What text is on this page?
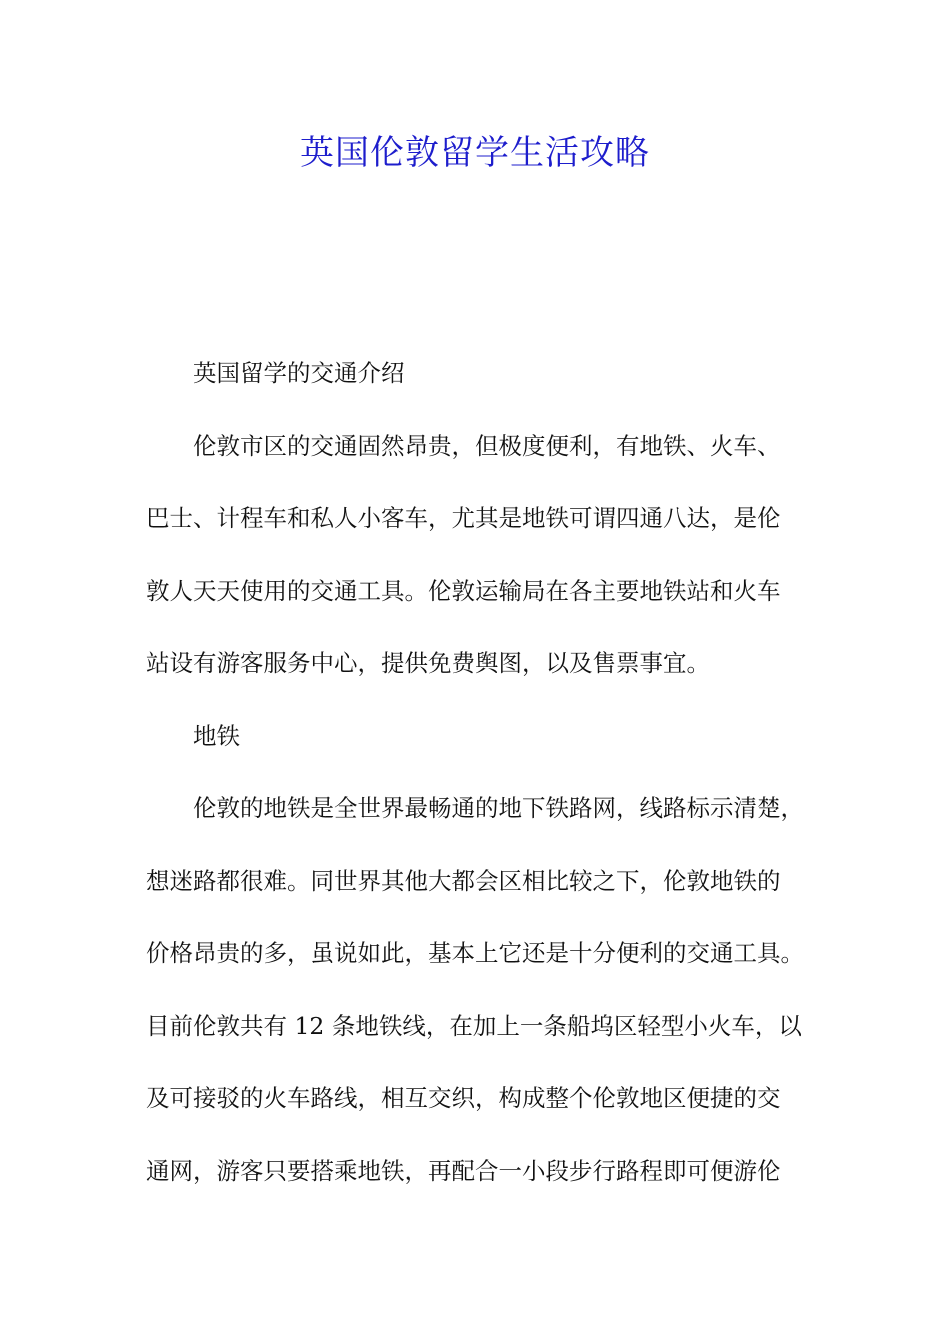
英国伦敦留学生活攻略
英国留学的交通介绍
伦敦市区的交通固然昂贵，但极度便利，有地铁、火车、
巴士、计程车和私人小客车，尤其是地铁可谓四通八达，是伦
敦人天天使用的交通工具。伦敦运输局在各主要地铁站和火车
站设有游客服务中心，提供免费舆图，以及售票事宜。
地铁
伦敦的地铁是全世界最畅通的地下铁路网，线路标示清楚，
想迷路都很难。同世界其他大都会区相比较之下，伦敦地铁的
价格昂贵的多，虽说如此，基本上它还是十分便利的交通工具。
目前伦敦共有 12 条地铁线，在加上一条船坞区轻型小火车，以
及可接驳的火车路线，相互交织，构成整个伦敦地区便捷的交
通网，游客只要搭乘地铁，再配合一小段步行路程即可便游伦
